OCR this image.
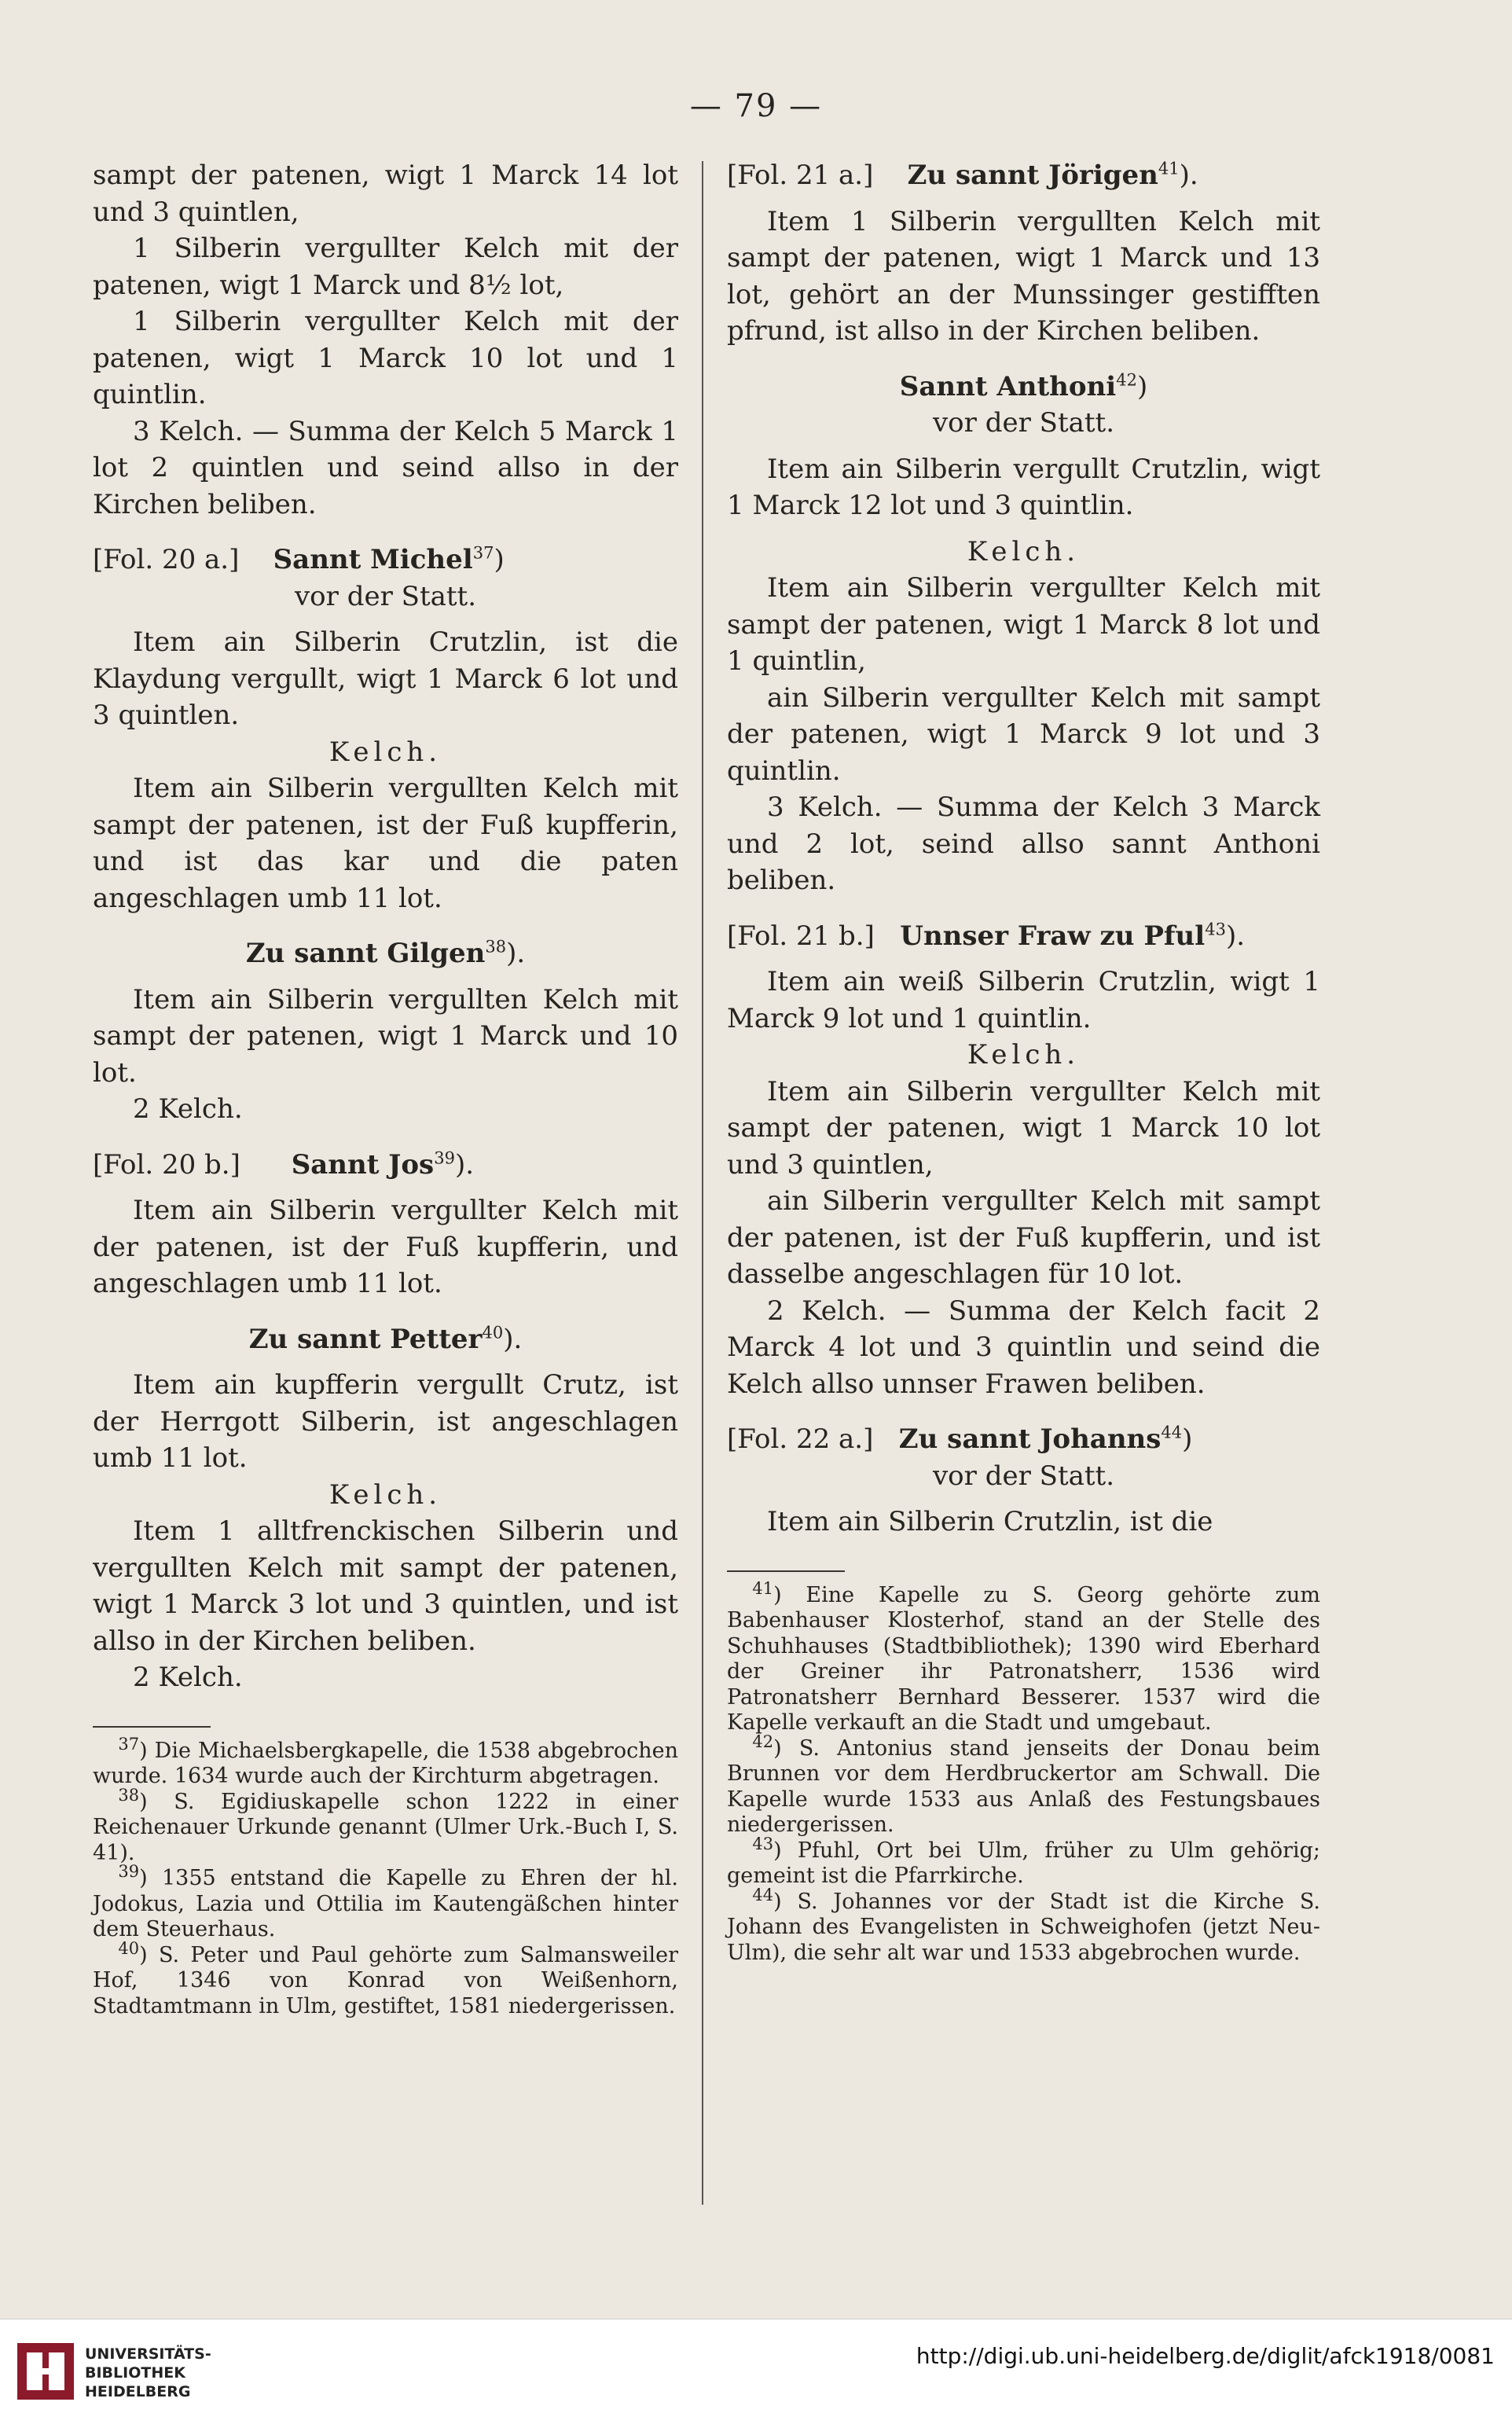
— 79 —

sampt der patenen, wigt 1 Marck 14 lot und 3 quintlen,

1 Silberin vergullter Kelch mit der patenen, wigt 1 Marck und 8½ lot,

1 Silberin vergullter Kelch mit der patenen, wigt 1 Marck 10 lot und 1 quintlin.

3 Kelch. — Summa der Kelch 5 Marck 1 lot 2 quintlen und seind allso in der Kirchen beliben.

[Fol. 20 a.]    Sannt Michel$^{37}$)

vor der Statt.

Item ain Silberin Crutzlin, ist die Klaydung vergullt, wigt 1 Marck 6 lot und 3 quintlen.

Kelch.

Item ain Silberin vergullten Kelch mit sampt der patenen, ist der Fuß kupfferin, und ist das kar und die paten angeschlagen umb 11 lot.

Zu sannt Gilgen$^{38}$).

Item ain Silberin vergullten Kelch mit sampt der patenen, wigt 1 Marck und 10 lot.

2 Kelch.

[Fol. 20 b.]      Sannt Jos$^{39}$).

Item ain Silberin vergullter Kelch mit der patenen, ist der Fuß kupfferin, und angeschlagen umb 11 lot.

Zu sannt Petter$^{40}$).

Item ain kupfferin vergullt Crutz, ist der Herrgott Silberin, ist angeschlagen umb 11 lot.

Kelch.

Item 1 alltfrenckischen Silberin und vergullten Kelch mit sampt der patenen, wigt 1 Marck 3 lot und 3 quintlen, und ist allso in der Kirchen beliben.

2 Kelch.

$^{37}$) Die Michaelsbergkapelle, die 1538 abgebrochen wurde. 1634 wurde auch der Kirchturm abgetragen.

$^{38}$) S. Egidiuskapelle schon 1222 in einer Reichenauer Urkunde genannt (Ulmer Urk.-Buch I, S. 41).

$^{39}$) 1355 entstand die Kapelle zu Ehren der hl. Jodokus, Lazia und Ottilia im Kautengäßchen hinter dem Steuerhaus.

$^{40}$) S. Peter und Paul gehörte zum Salmansweiler Hof, 1346 von Konrad von Weißenhorn, Stadtamtmann in Ulm, gestiftet, 1581 niedergerissen.

[Fol. 21 a.]    Zu sannt Jörigen$^{41}$).

Item 1 Silberin vergullten Kelch mit sampt der patenen, wigt 1 Marck und 13 lot, gehört an der Munssinger gestifften pfrund, ist allso in der Kirchen beliben.

Sannt Anthoni$^{42}$)

vor der Statt.

Item ain Silberin vergullt Crutzlin, wigt 1 Marck 12 lot und 3 quintlin.

Kelch.

Item ain Silberin vergullter Kelch mit sampt der patenen, wigt 1 Marck 8 lot und 1 quintlin,

ain Silberin vergullter Kelch mit sampt der patenen, wigt 1 Marck 9 lot und 3 quintlin.

3 Kelch. — Summa der Kelch 3 Marck und 2 lot, seind allso sannt Anthoni beliben.

[Fol. 21 b.]   Unnser Fraw zu Pful$^{43}$).

Item ain weiß Silberin Crutzlin, wigt 1 Marck 9 lot und 1 quintlin.

Kelch.

Item ain Silberin vergullter Kelch mit sampt der patenen, wigt 1 Marck 10 lot und 3 quintlen,

ain Silberin vergullter Kelch mit sampt der patenen, ist der Fuß kupfferin, und ist dasselbe angeschlagen für 10 lot.

2 Kelch. — Summa der Kelch facit 2 Marck 4 lot und 3 quintlin und seind die Kelch allso unnser Frawen beliben.

[Fol. 22 a.]   Zu sannt Johanns$^{44}$)

vor der Statt.

Item ain Silberin Crutzlin, ist die

$^{41}$) Eine Kapelle zu S. Georg gehörte zum Babenhauser Klosterhof, stand an der Stelle des Schuhhauses (Stadtbibliothek); 1390 wird Eberhard der Greiner ihr Patronatsherr, 1536 wird Patronatsherr Bernhard Besserer. 1537 wird die Kapelle verkauft an die Stadt und umgebaut.

$^{42}$) S. Antonius stand jenseits der Donau beim Brunnen vor dem Herdbruckertor am Schwall. Die Kapelle wurde 1533 aus Anlaß des Festungsbaues niedergerissen.

$^{43}$) Pfuhl, Ort bei Ulm, früher zu Ulm gehörig; gemeint ist die Pfarrkirche.

$^{44}$) S. Johannes vor der Stadt ist die Kirche S. Johann des Evangelisten in Schweighofen (jetzt Neu-Ulm), die sehr alt war und 1533 abgebrochen wurde.

UNIVERSITÄTS-
BIBLIOTHEK
HEIDELBERG
http://digi.ub.uni-heidelberg.de/diglit/afck1918/0081
